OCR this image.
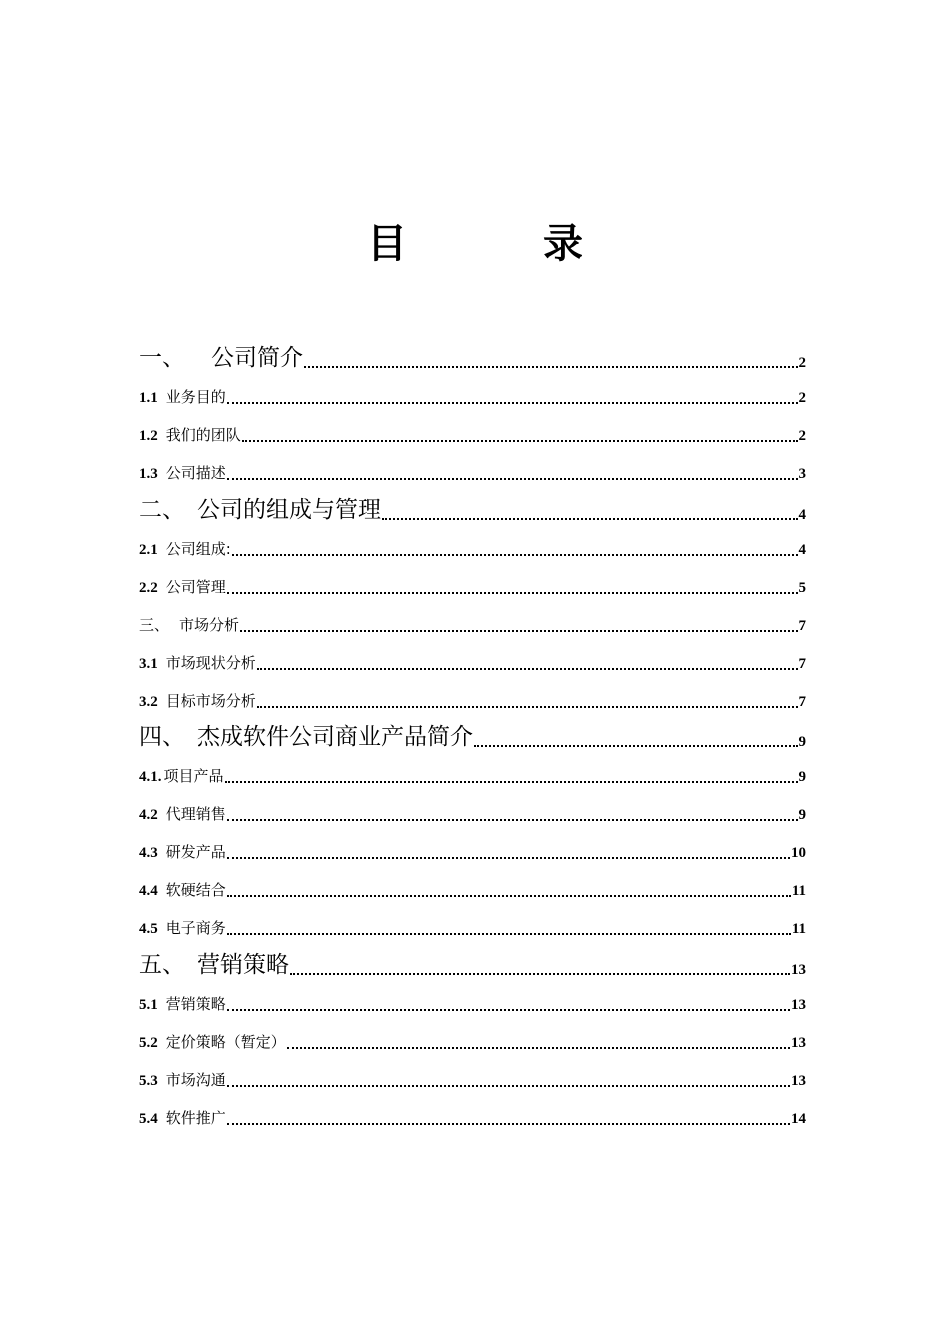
目　录
一、 公司简介	2
1.1 业务目的	2
1.2 我们的团队	2
1.3 公司描述	3
二、 公司的组成与管理	4
2.1 公司组成:	4
2.2 公司管理	5
三、 市场分析	7
3.1 市场现状分析	7
3.2 目标市场分析	7
四、 杰成软件公司商业产品简介	9
4.1. 项目产品	9
4.2 代理销售	9
4.3 研发产品	10
4.4 软硬结合	11
4.5 电子商务	11
五、 营销策略	13
5.1 营销策略	13
5.2 定价策略（暂定）	13
5.3 市场沟通	13
5.4 软件推广	14
